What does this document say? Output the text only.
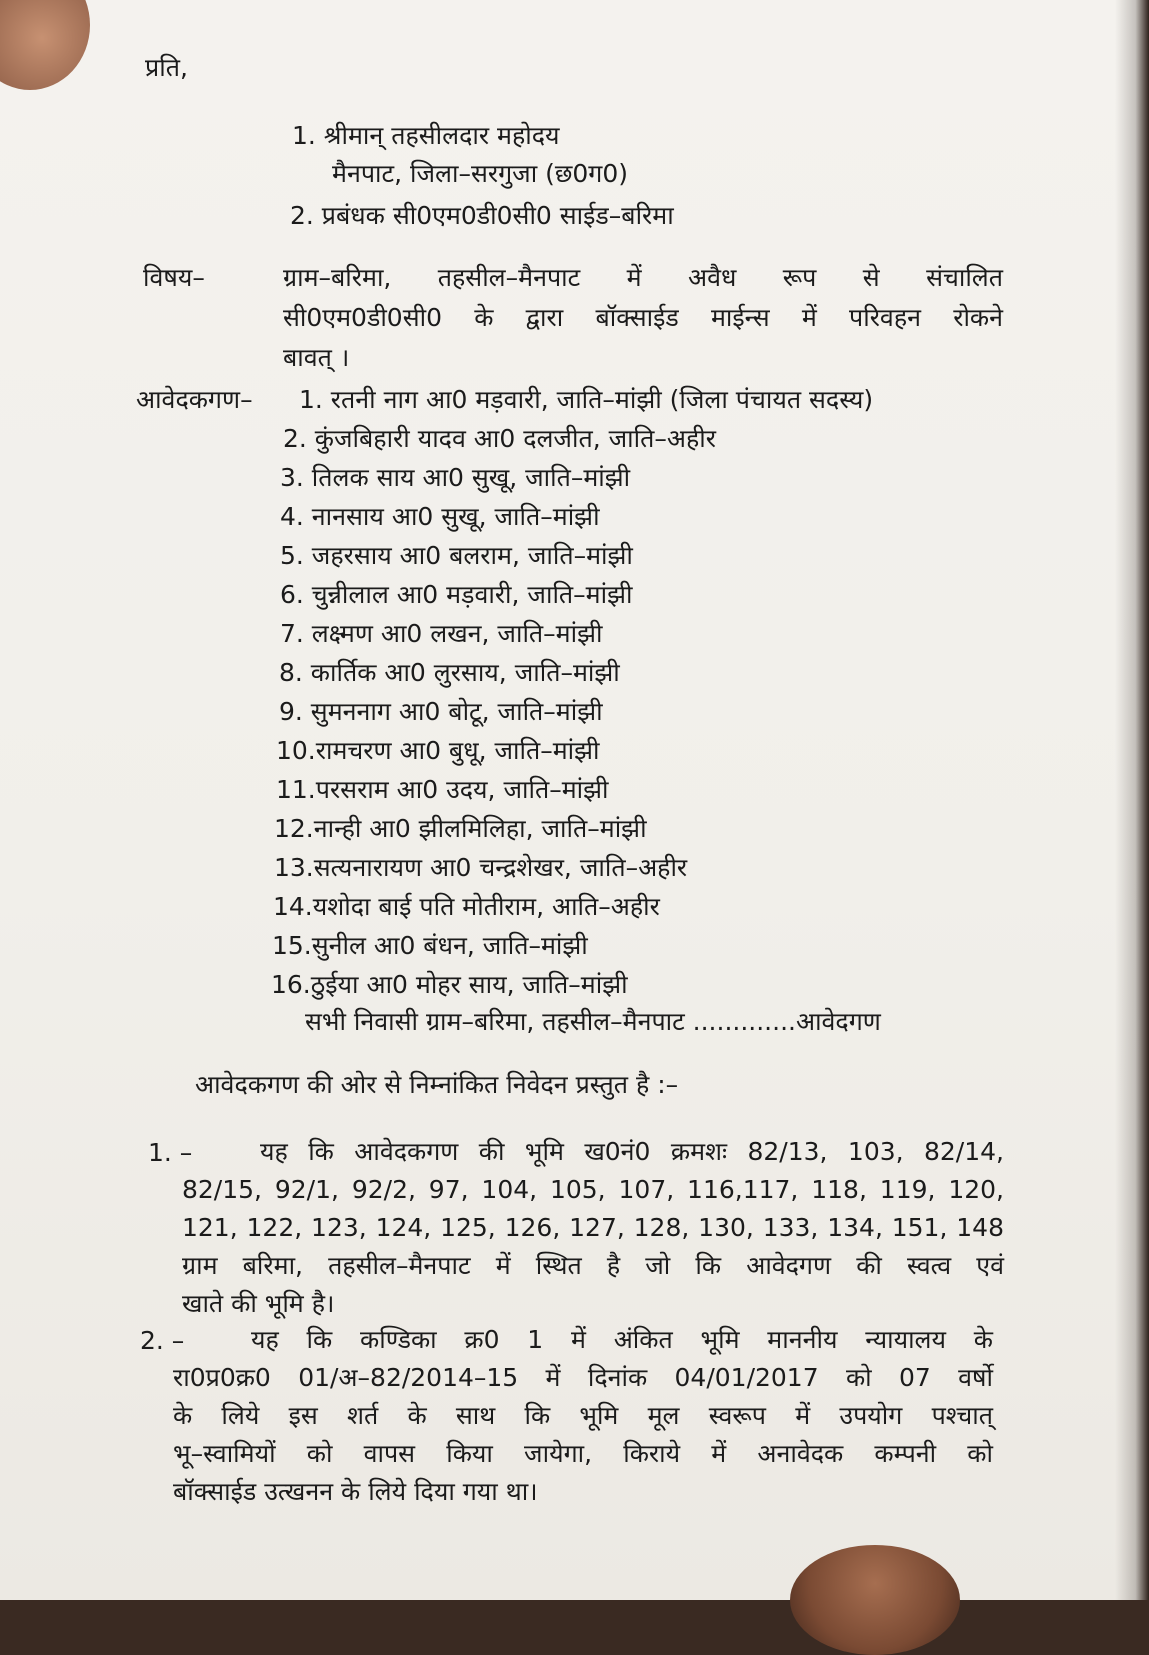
प्रति,
1. श्रीमान् तहसीलदार महोदय
मैनपाट, जिला–सरगुजा (छ0ग0)
2. प्रबंधक सी0एम0डी0सी0 साईड–बरिमा
विषय–	ग्राम–बरिमा, तहसील–मैनपाट में अवैध रूप से संचालित
सी0एम0डी0सी0 के द्वारा बॉक्साईड माईन्स में परिवहन रोकने
बावत् ।
आवेदकगण– 1. रतनी नाग आ0 मड़वारी, जाति–मांझी (जिला पंचायत सदस्य)
2. कुंजबिहारी यादव आ0 दलजीत, जाति–अहीर
3. तिलक साय आ0 सुखू, जाति–मांझी
4. नानसाय आ0 सुखू, जाति–मांझी
5. जहरसाय आ0 बलराम, जाति–मांझी
6. चुन्नीलाल आ0 मड़वारी, जाति–मांझी
7. लक्ष्मण आ0 लखन, जाति–मांझी
8. कार्तिक आ0 लुरसाय, जाति–मांझी
9. सुमननाग आ0 बोटू, जाति–मांझी
10.रामचरण आ0 बुधू, जाति–मांझी
11.परसराम आ0 उदय, जाति–मांझी
12.नान्ही आ0 झीलमिलिहा, जाति–मांझी
13.सत्यनारायण आ0 चन्द्रशेखर, जाति–अहीर
14.यशोदा बाई पति मोतीराम, आति–अहीर
15.सुनील आ0 बंधन, जाति–मांझी
16.ठुईया आ0 मोहर साय, जाति–मांझी
सभी निवासी ग्राम–बरिमा, तहसील–मैनपाट .............आवेदगण
आवेदकगण की ओर से निम्नांकित निवेदन प्रस्तुत है :–
1. –	यह कि आवेदकगण की भूमि ख0नं0 क्रमशः 82/13, 103, 82/14,
82/15, 92/1, 92/2, 97, 104, 105, 107, 116,117, 118, 119, 120,
121, 122, 123, 124, 125, 126, 127, 128, 130, 133, 134, 151, 148
ग्राम बरिमा, तहसील–मैनपाट में स्थित है जो कि आवेदगण की स्वत्व एवं
खाते की भूमि है।
2. –	यह कि कण्डिका क्र0 1 में अंकित भूमि माननीय न्यायालय के
रा0प्र0क्र0 01/अ–82/2014–15 में दिनांक 04/01/2017 को 07 वर्षो
के लिये इस शर्त के साथ कि भूमि मूल स्वरूप में उपयोग पश्चात्
भू–स्वामियों को वापस किया जायेगा, किराये में अनावेदक कम्पनी को
बॉक्साईड उत्खनन के लिये दिया गया था।
